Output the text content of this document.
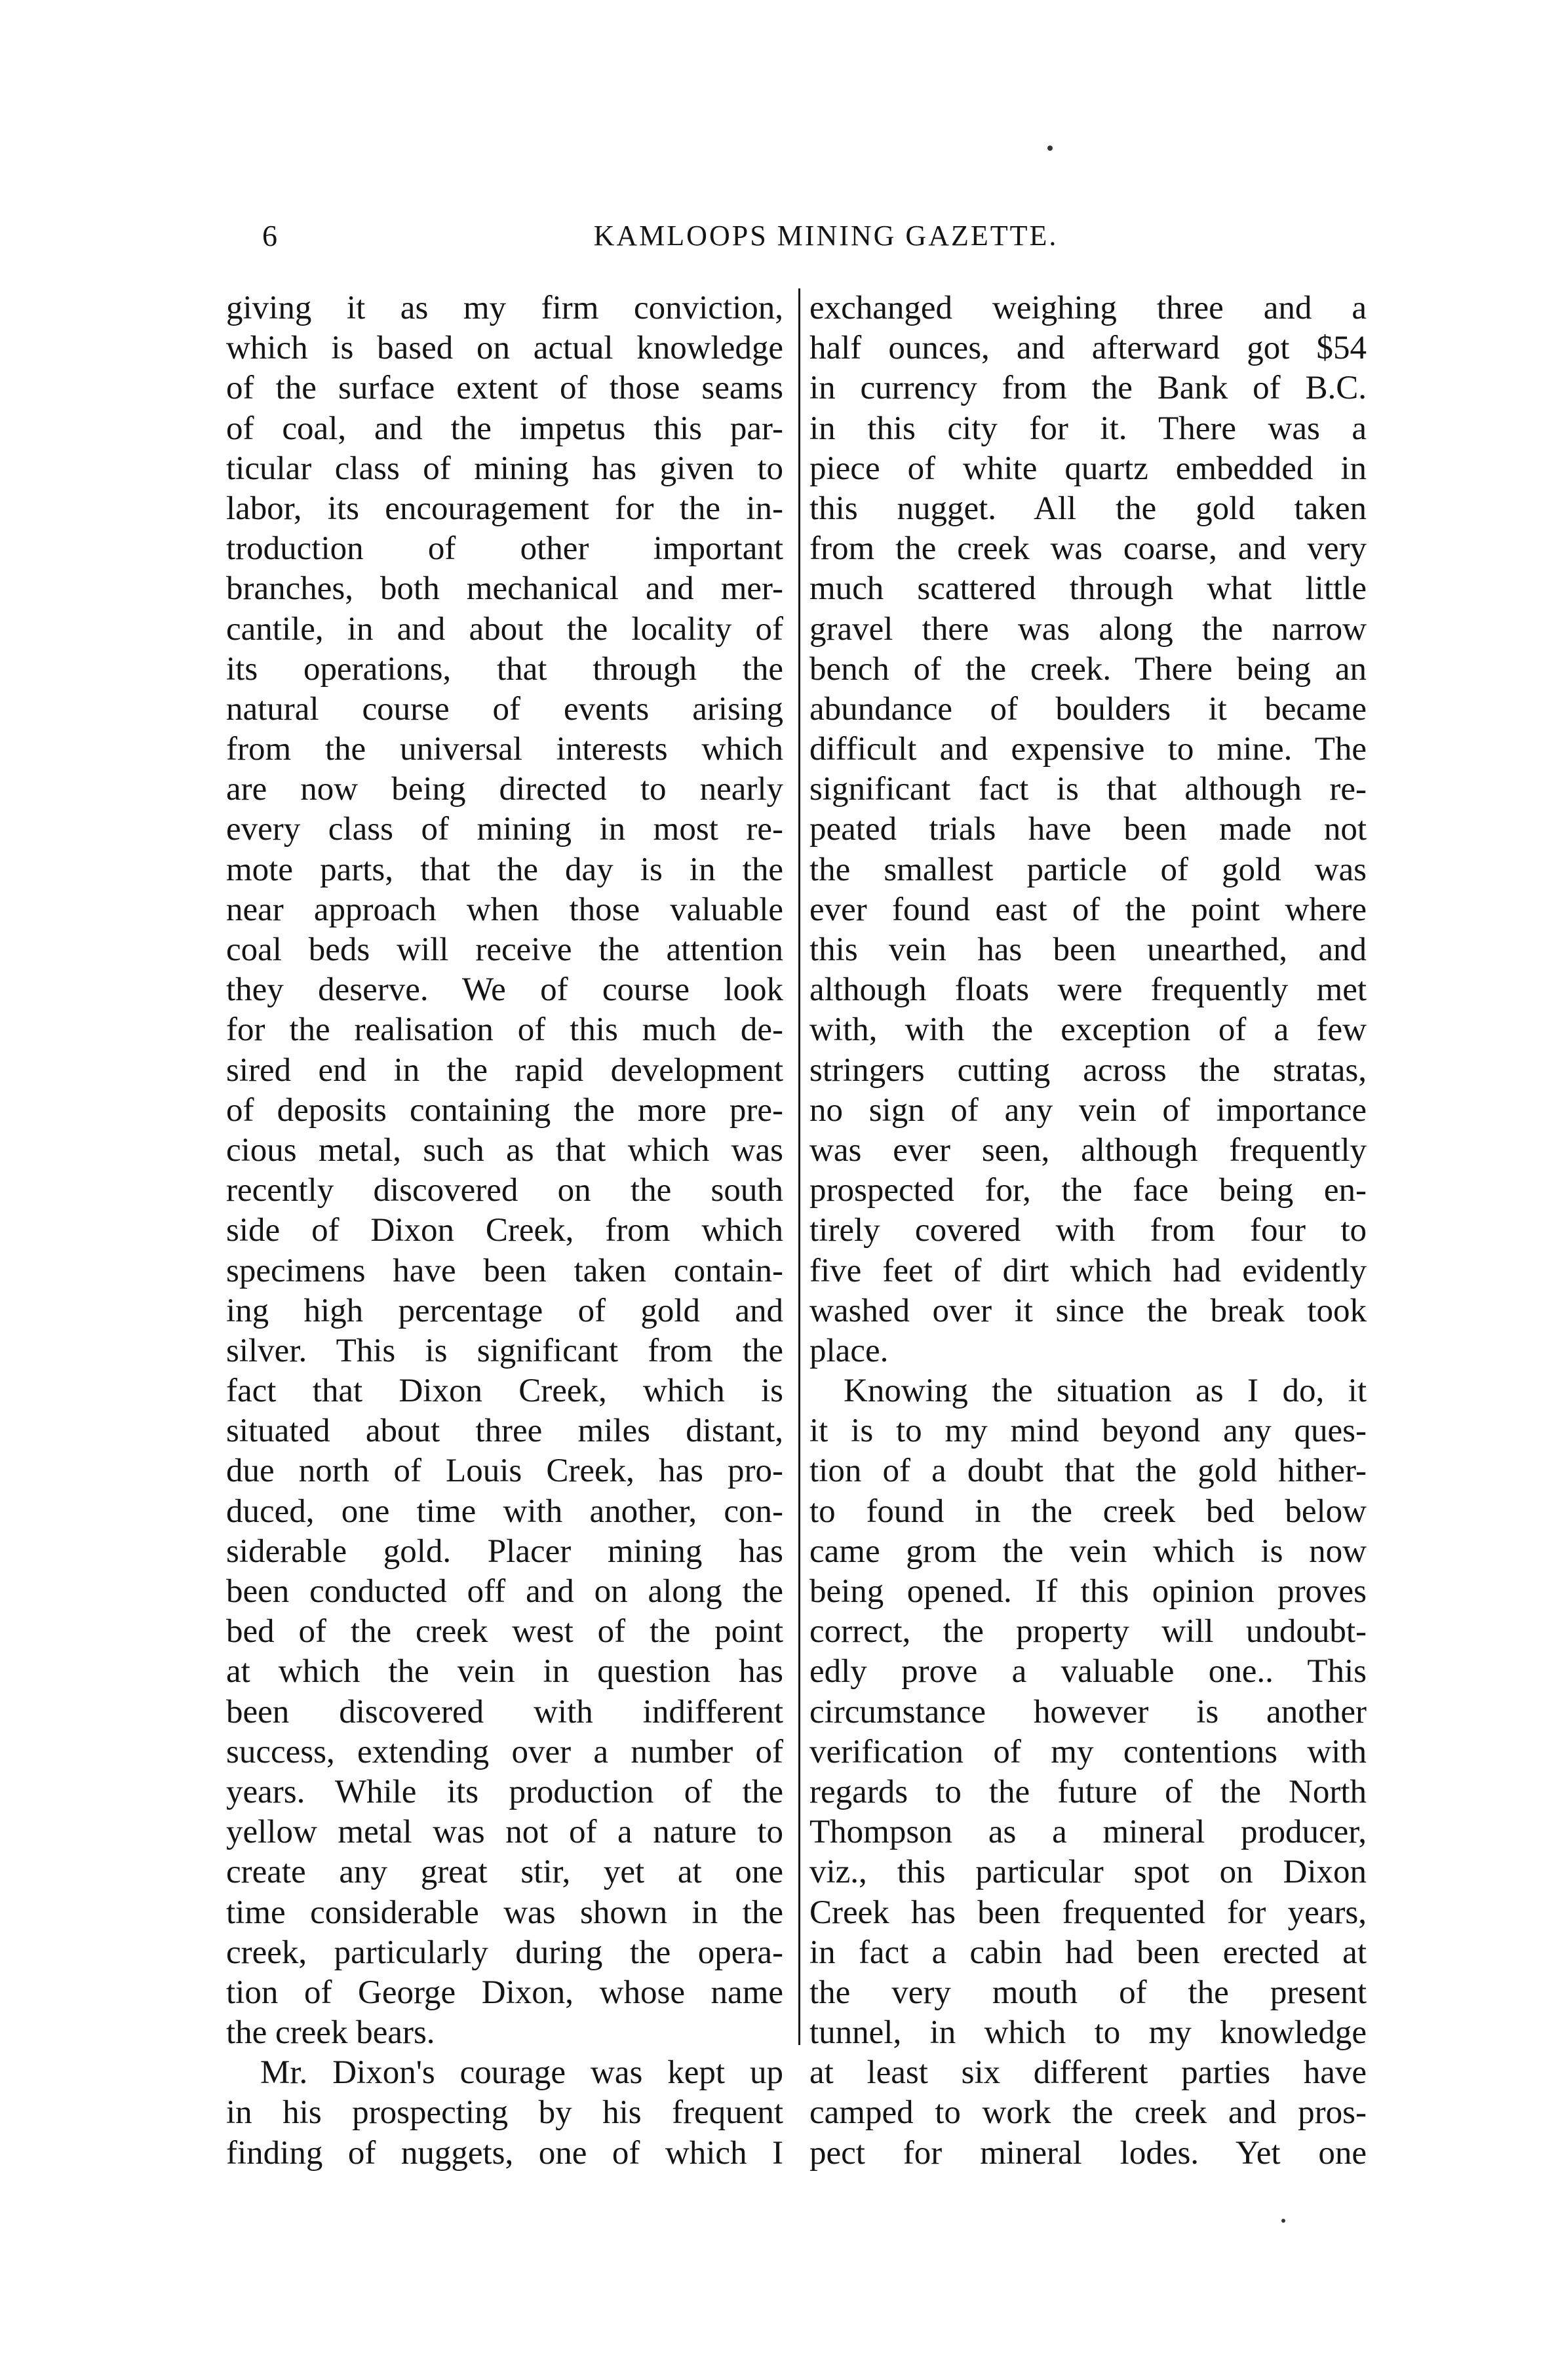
6	KAMLOOPS MINING GAZETTE.
giving it as my firm conviction,
which is based on actual knowledge
of the surface extent of those seams
of coal, and the impetus this par-
ticular class of mining has given to
labor, its encouragement for the in-
troduction of other important
branches, both mechanical and mer-
cantile, in and about the locality of
its operations, that through the
natural course of events arising
from the universal interests which
are now being directed to nearly
every class of mining in most re-
mote parts, that the day is in the
near approach when those valuable
coal beds will receive the attention
they deserve. We of course look
for the realisation of this much de-
sired end in the rapid development
of deposits containing the more pre-
cious metal, such as that which was
recently discovered on the south
side of Dixon Creek, from which
specimens have been taken contain-
ing high percentage of gold and
silver. This is significant from the
fact that Dixon Creek, which is
situated about three miles distant,
due north of Louis Creek, has pro-
duced, one time with another, con-
siderable gold. Placer mining has
been conducted off and on along the
bed of the creek west of the point
at which the vein in question has
been discovered with indifferent
success, extending over a number of
years. While its production of the
yellow metal was not of a nature to
create any great stir, yet at one
time considerable was shown in the
creek, particularly during the opera-
tion of George Dixon, whose name
the creek bears.
Mr. Dixon's courage was kept up
in his prospecting by his frequent
finding of nuggets, one of which I
exchanged weighing three and a
half ounces, and afterward got $54
in currency from the Bank of B.C.
in this city for it. There was a
piece of white quartz embedded in
this nugget. All the gold taken
from the creek was coarse, and very
much scattered through what little
gravel there was along the narrow
bench of the creek. There being an
abundance of boulders it became
difficult and expensive to mine. The
significant fact is that although re-
peated trials have been made not
the smallest particle of gold was
ever found east of the point where
this vein has been unearthed, and
although floats were frequently met
with, with the exception of a few
stringers cutting across the stratas,
no sign of any vein of importance
was ever seen, although frequently
prospected for, the face being en-
tirely covered with from four to
five feet of dirt which had evidently
washed over it since the break took
place.
Knowing the situation as I do, it
it is to my mind beyond any ques-
tion of a doubt that the gold hither-
to found in the creek bed below
came grom the vein which is now
being opened. If this opinion proves
correct, the property will undoubt-
edly prove a valuable one.. This
circumstance however is another
verification of my contentions with
regards to the future of the North
Thompson as a mineral producer,
viz., this particular spot on Dixon
Creek has been frequented for years,
in fact a cabin had been erected at
the very mouth of the present
tunnel, in which to my knowledge
at least six different parties have
camped to work the creek and pros-
pect for mineral lodes. Yet one
